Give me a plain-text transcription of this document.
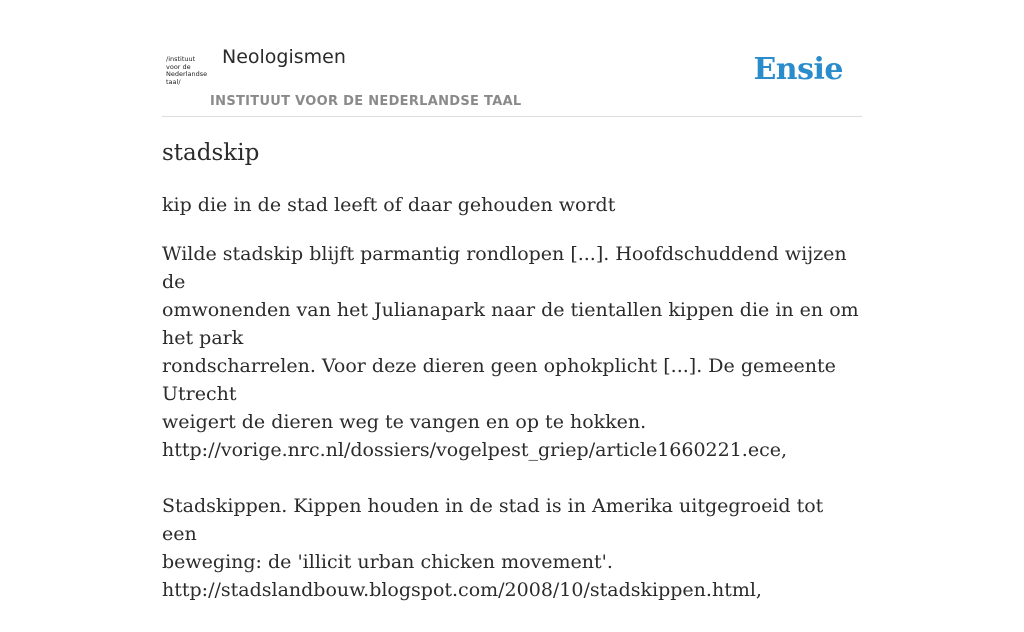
/instituut
voor de
Nederlandse
taal/
Neologismen
INSTITUUT VOOR DE NEDERLANDSE TAAL
Ensie
stadskip

kip die in de stad leeft of daar gehouden wordt

Wilde stadskip blijft parmantig rondlopen [...]. Hoofdschuddend wijzen de
omwonenden van het Julianapark naar de tientallen kippen die in en om het park
rondscharrelen. Voor deze dieren geen ophokplicht [...]. De gemeente Utrecht
weigert de dieren weg te vangen en op te hokken.
http://vorige.nrc.nl/dossiers/vogelpest_griep/article1660221.ece,
Stadskippen. Kippen houden in de stad is in Amerika uitgegroeid tot een
beweging: de 'illicit urban chicken movement'.
http://stadslandbouw.blogspot.com/2008/10/stadskippen.html,
